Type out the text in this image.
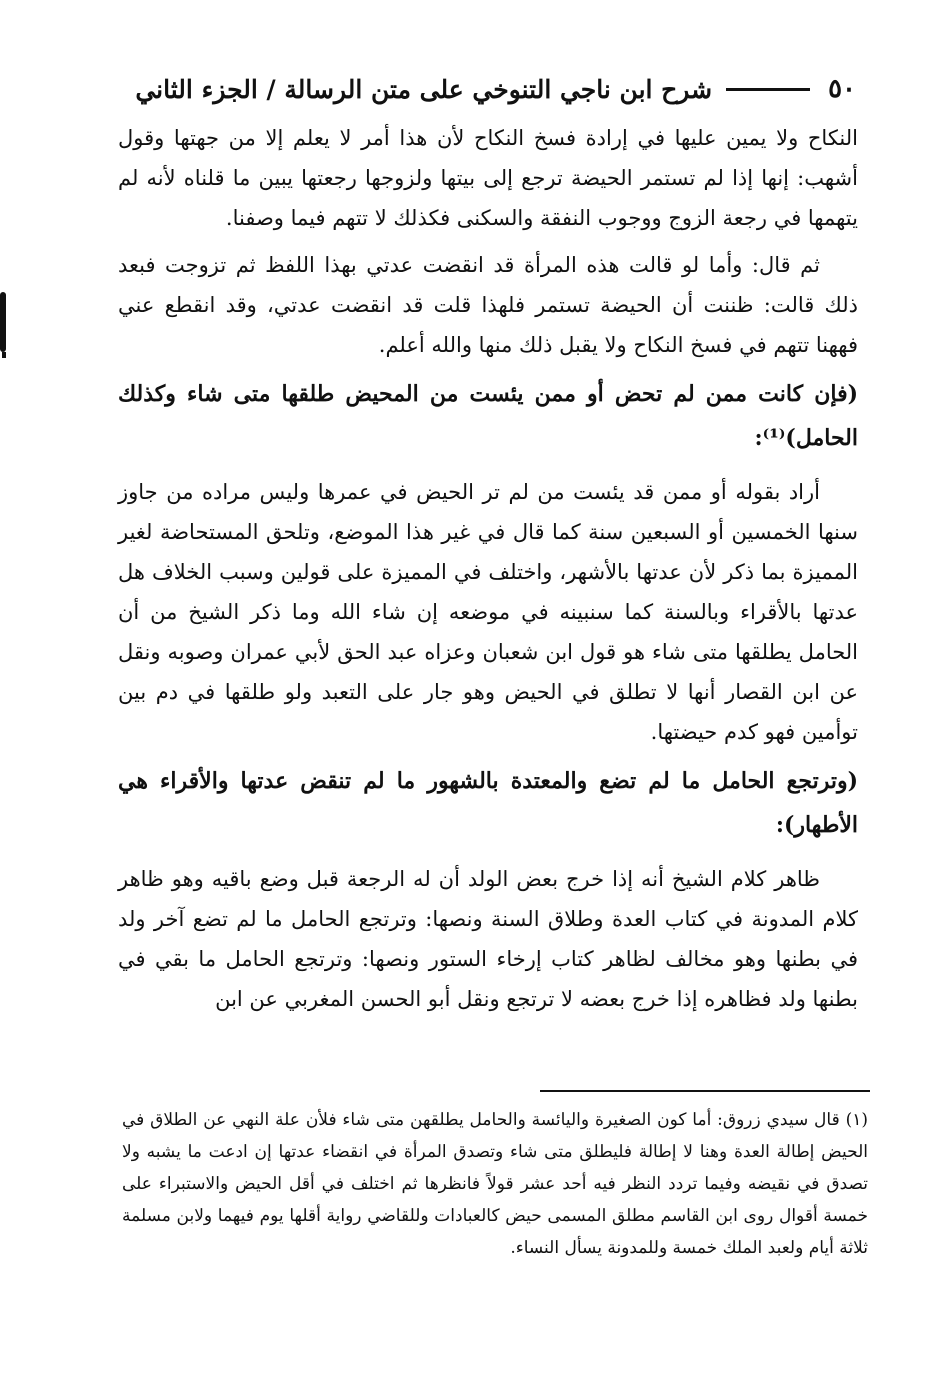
٥٠
شرح ابن ناجي التنوخي على متن الرسالة / الجزء الثاني

النكاح ولا يمين عليها في إرادة فسخ النكاح لأن هذا أمر لا يعلم إلا من جهتها وقول أشهب: إنها إذا لم تستمر الحيضة ترجع إلى بيتها ولزوجها رجعتها يبين ما قلناه لأنه لم يتهمها في رجعة الزوج ووجوب النفقة والسكنى فكذلك لا تتهم فيما وصفنا.

ثم قال: وأما لو قالت هذه المرأة قد انقضت عدتي بهذا اللفظ ثم تزوجت فبعد ذلك قالت: ظننت أن الحيضة تستمر فلهذا قلت قد انقضت عدتي، وقد انقطع عني فههنا تتهم في فسخ النكاح ولا يقبل ذلك منها والله أعلم.

(فإن كانت ممن لم تحض أو ممن يئست من المحيض طلقها متى شاء وكذلك الحامل)⁽¹⁾:

أراد بقوله أو ممن قد يئست من لم تر الحيض في عمرها وليس مراده من جاوز سنها الخمسين أو السبعين سنة كما قال في غير هذا الموضع، وتلحق المستحاضة لغير المميزة بما ذكر لأن عدتها بالأشهر، واختلف في المميزة على قولين وسبب الخلاف هل عدتها بالأقراء وبالسنة كما سنبينه في موضعه إن شاء الله وما ذكر الشيخ من أن الحامل يطلقها متى شاء هو قول ابن شعبان وعزاه عبد الحق لأبي عمران وصوبه ونقل عن ابن القصار أنها لا تطلق في الحيض وهو جار على التعبد ولو طلقها في دم بين توأمين فهو كدم حيضتها.

(وترتجع الحامل ما لم تضع والمعتدة بالشهور ما لم تنقض عدتها والأقراء هي الأطهار):

ظاهر كلام الشيخ أنه إذا خرج بعض الولد أن له الرجعة قبل وضع باقيه وهو ظاهر كلام المدونة في كتاب العدة وطلاق السنة ونصها: وترتجع الحامل ما لم تضع آخر ولد في بطنها وهو مخالف لظاهر كتاب إرخاء الستور ونصها: وترتجع الحامل ما بقي في بطنها ولد فظاهره إذا خرج بعضه لا ترتجع ونقل أبو الحسن المغربي عن ابن

(١) قال سيدي زروق: أما كون الصغيرة واليائسة والحامل يطلقهن متى شاء فلأن علة النهي عن الطلاق في الحيض إطالة العدة وهنا لا إطالة فليطلق متى شاء وتصدق المرأة في انقضاء عدتها إن ادعت ما يشبه ولا تصدق في نقيضه وفيما تردد النظر فيه أحد عشر قولاً فانظرها ثم اختلف في أقل الحيض والاستبراء على خمسة أقوال روى ابن القاسم مطلق المسمى حيض كالعبادات وللقاضي رواية أقلها يوم فيهما ولابن مسلمة ثلاثة أيام ولعبد الملك خمسة وللمدونة يسأل النساء.
